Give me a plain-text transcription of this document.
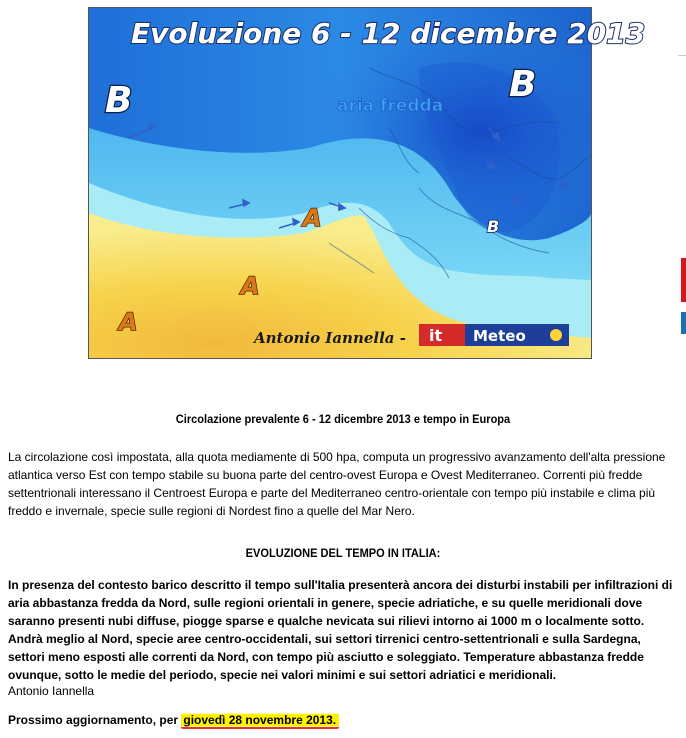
Evoluzione 6 - 12 dicembre 2013
aria fredda
B	B
B
A
A
A
Antonio Iannella - it Meteo

Circolazione prevalente 6 - 12 dicembre 2013 e tempo in Europa

La circolazione così impostata, alla quota mediamente di 500 hpa, computa un progressivo avanzamento dell'alta pressione atlantica verso Est con tempo stabile su buona parte del centro-ovest Europa e Ovest Mediterraneo. Correnti più fredde settentrionali interessano il Centroest Europa e parte del Mediterraneo centro-orientale con tempo più instabile e clima più freddo e invernale, specie sulle regioni di Nordest fino a quelle del Mar Nero.

EVOLUZIONE DEL TEMPO IN ITALIA:

In presenza del contesto barico descritto il tempo sull'Italia presenterà ancora dei disturbi instabili per infiltrazioni di aria abbastanza fredda da Nord, sulle regioni orientali in genere, specie adriatiche, e su quelle meridionali dove saranno presenti nubi diffuse, piogge sparse e qualche nevicata sui rilievi intorno ai 1000 m o localmente sotto. Andrà meglio al Nord, specie aree centro-occidentali, sui settori tirrenici centro-settentrionali e sulla Sardegna, settori meno esposti alle correnti da Nord, con tempo più asciutto e soleggiato. Temperature abbastanza fredde ovunque, sotto le medie del periodo, specie nei valori minimi e sui settori adriatici e meridionali.

Antonio Iannella

Prossimo aggiornamento, per giovedì 28 novembre 2013.
